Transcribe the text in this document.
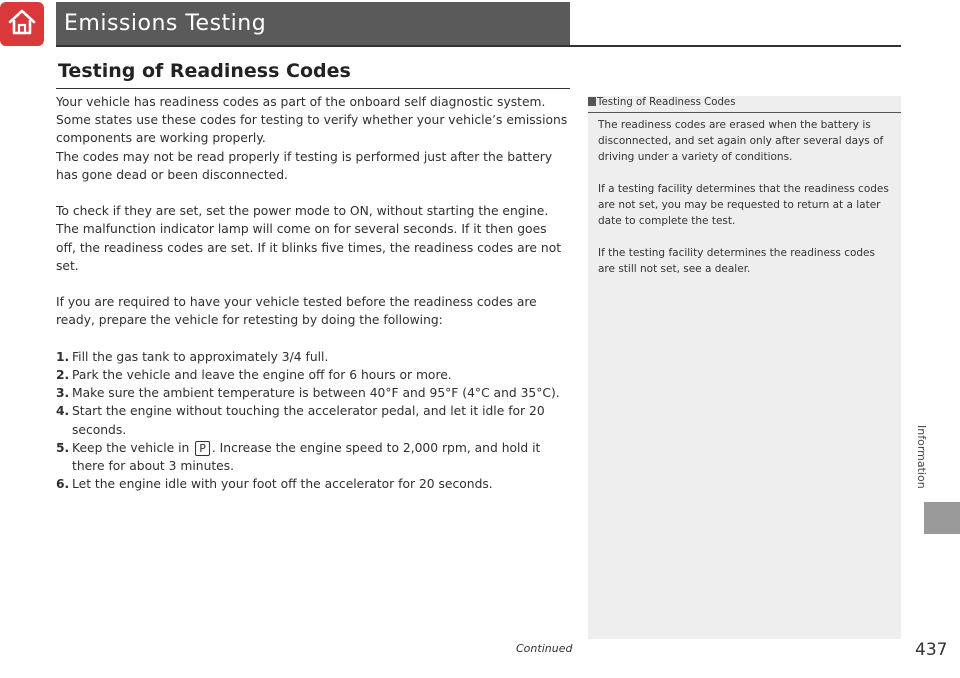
Emissions Testing
Testing of Readiness Codes

Your vehicle has readiness codes as part of the onboard self diagnostic system. Some states use these codes for testing to verify whether your vehicle’s emissions components are working properly.

The codes may not be read properly if testing is performed just after the battery has gone dead or been disconnected.

To check if they are set, set the power mode to ON, without starting the engine. The malfunction indicator lamp will come on for several seconds. If it then goes off, the readiness codes are set. If it blinks five times, the readiness codes are not set.

If you are required to have your vehicle tested before the readiness codes are ready, prepare the vehicle for retesting by doing the following:

1. Fill the gas tank to approximately 3/4 full.
2. Park the vehicle and leave the engine off for 6 hours or more.
3. Make sure the ambient temperature is between 40°F and 95°F (4°C and 35°C).
4. Start the engine without touching the accelerator pedal, and let it idle for 20 seconds.
5. Keep the vehicle in P . Increase the engine speed to 2,000 rpm, and hold it there for about 3 minutes.
6. Let the engine idle with your foot off the accelerator for 20 seconds.
Testing of Readiness Codes

The readiness codes are erased when the battery is disconnected, and set again only after several days of driving under a variety of conditions.

If a testing facility determines that the readiness codes are not set, you may be requested to return at a later date to complete the test.

If the testing facility determines the readiness codes are still not set, see a dealer.

Information
Continued	437
